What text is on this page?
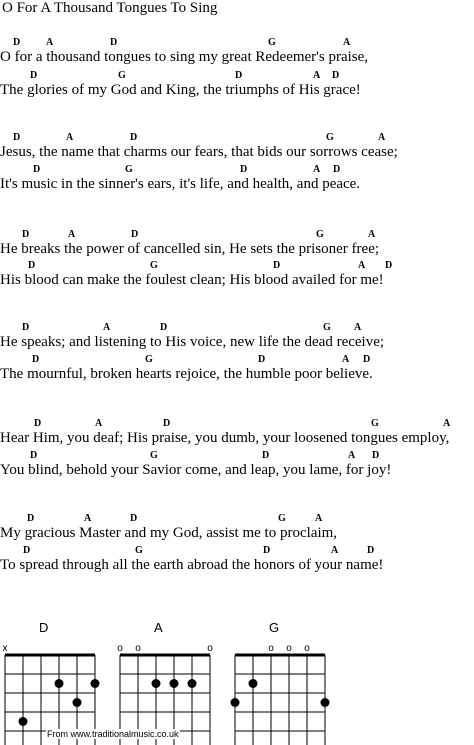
O For A Thousand Tongues To Sing
D	A	D	G	A
O for a thousand tongues to sing my great Redeemer's praise,
D	G	D	A D
The glories of my God and King, the triumphs of His grace!
D	A	D	G	A
Jesus, the name that charms our fears, that bids our sorrows cease;
D	G	D	A D
It's music in the sinner's ears, it's life, and health, and peace.
D	A	D	G	A
He breaks the power of cancelled sin, He sets the prisoner free;
D	G	D	A D
His blood can make the foulest clean; His blood availed for me!
D	A	D	G A
He speaks; and listening to His voice, new life the dead receive;
D	G	D	A D
The mournful, broken hearts rejoice, the humble poor believe.
D	A	D	G	A
Hear Him, you deaf; His praise, you dumb, your loosened tongues employ,
D	G	D	A D
You blind, behold your Savior come, and leap, you lame, for joy!
D	A	D	G	A
My gracious Master and my God, assist me to proclaim,
D	G	D	A	D
To spread through all the earth abroad the honors of your name!
D
x
A
o o	o
G
o o o
From www.traditionalmusic.co.uk
